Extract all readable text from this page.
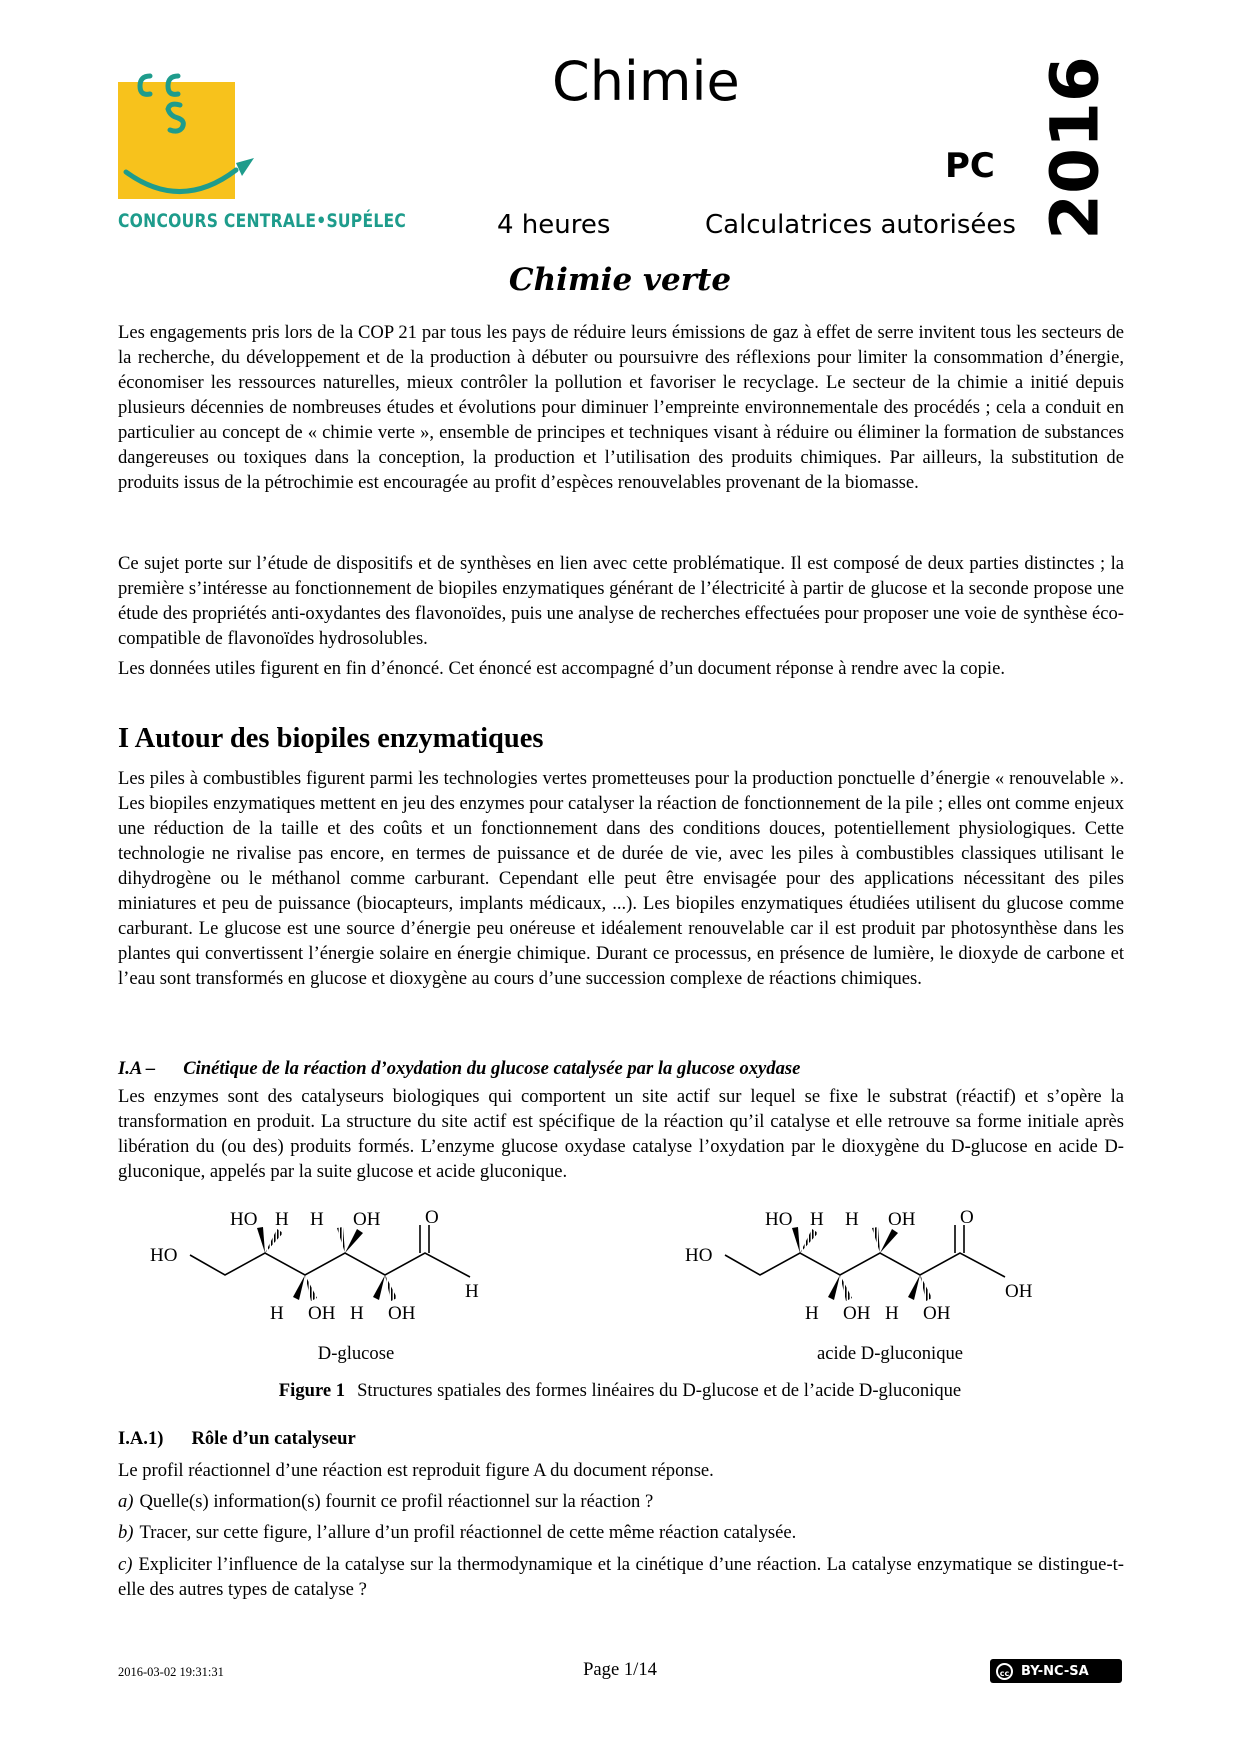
CONCOURS CENTRALE•SUPÉLEC
Chimie
PC 2016
4 heures	Calculatrices autorisées
Chimie verte

Les engagements pris lors de la COP 21 par tous les pays de réduire leurs émissions de gaz à effet de serre invitent tous les secteurs de la recherche, du développement et de la production à débuter ou poursuivre des réflexions pour limiter la consommation d’énergie, économiser les ressources naturelles, mieux contrôler la pollution et favoriser le recyclage. Le secteur de la chimie a initié depuis plusieurs décennies de nombreuses études et évolutions pour diminuer l’empreinte environnementale des procédés ; cela a conduit en particulier au concept de « chimie verte », ensemble de principes et techniques visant à réduire ou éliminer la formation de substances dangereuses ou toxiques dans la conception, la production et l’utilisation des produits chimiques. Par ailleurs, la substitution de produits issus de la pétrochimie est encouragée au profit d’espèces renouvelables provenant de la biomasse.

Ce sujet porte sur l’étude de dispositifs et de synthèses en lien avec cette problématique. Il est composé de deux parties distinctes ; la première s’intéresse au fonctionnement de biopiles enzymatiques générant de l’électricité à partir de glucose et la seconde propose une étude des propriétés anti-oxydantes des flavonoïdes, puis une analyse de recherches effectuées pour proposer une voie de synthèse éco-compatible de flavonoïdes hydrosolubles.

Les données utiles figurent en fin d’énoncé. Cet énoncé est accompagné d’un document réponse à rendre avec la copie.

I Autour des biopiles enzymatiques

Les piles à combustibles figurent parmi les technologies vertes prometteuses pour la production ponctuelle d’énergie « renouvelable ». Les biopiles enzymatiques mettent en jeu des enzymes pour catalyser la réaction de fonctionnement de la pile ; elles ont comme enjeux une réduction de la taille et des coûts et un fonctionnement dans des conditions douces, potentiellement physiologiques. Cette technologie ne rivalise pas encore, en termes de puissance et de durée de vie, avec les piles à combustibles classiques utilisant le dihydrogène ou le méthanol comme carburant. Cependant elle peut être envisagée pour des applications nécessitant des piles miniatures et peu de puissance (biocapteurs, implants médicaux, ...). Les biopiles enzymatiques étudiées utilisent du glucose comme carburant. Le glucose est une source d’énergie peu onéreuse et idéalement renouvelable car il est produit par photosynthèse dans les plantes qui convertissent l’énergie solaire en énergie chimique. Durant ce processus, en présence de lumière, le dioxyde de carbone et l’eau sont transformés en glucose et dioxygène au cours d’une succession complexe de réactions chimiques.

I.A – Cinétique de la réaction d’oxydation du glucose catalysée par la glucose oxydase

Les enzymes sont des catalyseurs biologiques qui comportent un site actif sur lequel se fixe le substrat (réactif) et s’opère la transformation en produit. La structure du site actif est spécifique de la réaction qu’il catalyse et elle retrouve sa forme initiale après libération du (ou des) produits formés. L’enzyme glucose oxydase catalyse l’oxydation par le dioxygène du D-glucose en acide D-gluconique, appelés par la suite glucose et acide gluconique.

HO
HO H H OH O
H
H OH H OH
HO
HO H H OH O
OH
H OH H OH
D-glucose	acide D-gluconique
Figure 1 Structures spatiales des formes linéaires du D-glucose et de l’acide D-gluconique
I.A.1) Rôle d’un catalyseur

Le profil réactionnel d’une réaction est reproduit figure A du document réponse.

a) Quelle(s) information(s) fournit ce profil réactionnel sur la réaction ?
b) Tracer, sur cette figure, l’allure d’un profil réactionnel de cette même réaction catalysée.
c) Expliciter l’influence de la catalyse sur la thermodynamique et la cinétique d’une réaction. La catalyse enzymatique se distingue-t-elle des autres types de catalyse ?
2016-03-02 19:31:31	Page 1/14	cc BY-NC-SA
